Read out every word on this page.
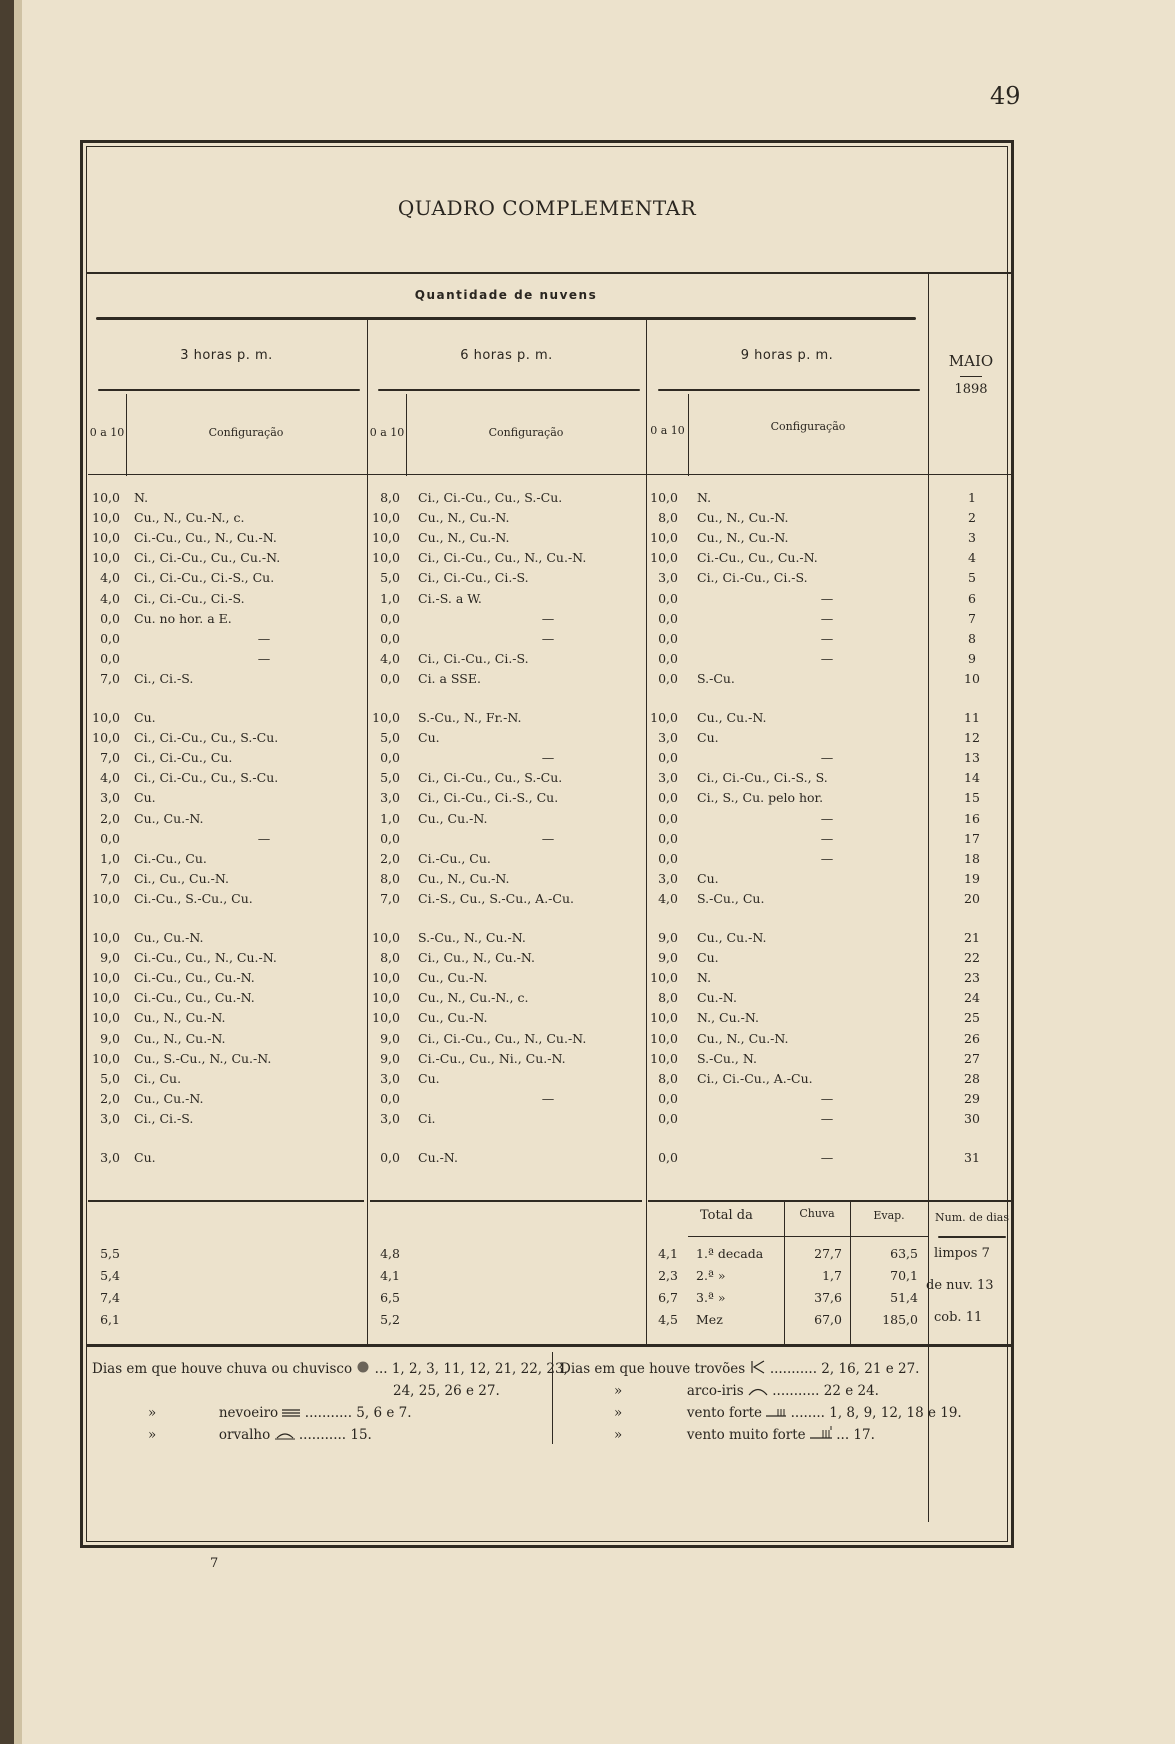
49
QUADRO COMPLEMENTAR
Quantidade de nuvens
3 horas p. m.	6 horas p. m.	9 horas p. m.	MAIO
1898
0 a 10	Configuração	0 a 10	Configuração	0 a 10	Configuração
10,0 N.	8,0 Ci., Ci.-Cu., Cu., S.-Cu.	10,0 N.	1
10,0 Cu., N., Cu.-N., c.	10,0 Cu., N., Cu.-N.	8,0 Cu., N., Cu.-N.	2
10,0 Ci.-Cu., Cu., N., Cu.-N.	10,0 Cu., N., Cu.-N.	10,0 Cu., N., Cu.-N.	3
10,0 Ci., Ci.-Cu., Cu., Cu.-N.	10,0 Ci., Ci.-Cu., Cu., N., Cu.-N.	10,0 Ci.-Cu., Cu., Cu.-N.	4
4,0 Ci., Ci.-Cu., Ci.-S., Cu.	5,0 Ci., Ci.-Cu., Ci.-S.	3,0 Ci., Ci.-Cu., Ci.-S.	5
4,0 Ci., Ci.-Cu., Ci.-S.	1,0 Ci.-S. a W.	0,0	—	6
0,0 Cu. no hor. a E.	0,0	—	0,0	—	7
0,0	—	0,0	—	0,0	—	8
0,0	—	4,0 Ci., Ci.-Cu., Ci.-S.	0,0	—	9
7,0 Ci., Ci.-S.	0,0 Ci. a SSE.	0,0 S.-Cu.	10
10,0 Cu.	10,0 S.-Cu., N., Fr.-N.	10,0 Cu., Cu.-N.	11
10,0 Ci., Ci.-Cu., Cu., S.-Cu.	5,0 Cu.	3,0 Cu.	12
7,0 Ci., Ci.-Cu., Cu.	0,0	—	0,0	—	13
4,0 Ci., Ci.-Cu., Cu., S.-Cu.	5,0 Ci., Ci.-Cu., Cu., S.-Cu.	3,0 Ci., Ci.-Cu., Ci.-S., S.	14
3,0 Cu.	3,0 Ci., Ci.-Cu., Ci.-S., Cu.	0,0 Ci., S., Cu. pelo hor.	15
2,0 Cu., Cu.-N.	1,0 Cu., Cu.-N.	0,0	—	16
0,0	—	0,0	—	0,0	—	17
1,0 Ci.-Cu., Cu.	2,0 Ci.-Cu., Cu.	0,0	—	18
7,0 Ci., Cu., Cu.-N.	8,0 Cu., N., Cu.-N.	3,0 Cu.	19
10,0 Ci.-Cu., S.-Cu., Cu.	7,0 Ci.-S., Cu., S.-Cu., A.-Cu.	4,0 S.-Cu., Cu.	20
10,0 Cu., Cu.-N.	10,0 S.-Cu., N., Cu.-N.	9,0 Cu., Cu.-N.	21
9,0 Ci.-Cu., Cu., N., Cu.-N.	8,0 Ci., Cu., N., Cu.-N.	9,0 Cu.	22
10,0 Ci.-Cu., Cu., Cu.-N.	10,0 Cu., Cu.-N.	10,0 N.	23
10,0 Ci.-Cu., Cu., Cu.-N.	10,0 Cu., N., Cu.-N., c.	8,0 Cu.-N.	24
10,0 Cu., N., Cu.-N.	10,0 Cu., Cu.-N.	10,0 N., Cu.-N.	25
9,0 Cu., N., Cu.-N.	9,0 Ci., Ci.-Cu., Cu., N., Cu.-N.	10,0 Cu., N., Cu.-N.	26
10,0 Cu., S.-Cu., N., Cu.-N.	9,0 Ci.-Cu., Cu., Ni., Cu.-N.	10,0 S.-Cu., N.	27
5,0 Ci., Cu.	3,0 Cu.	8,0 Ci., Ci.-Cu., A.-Cu.	28
2,0 Cu., Cu.-N.	0,0	—	0,0	—	29
3,0 Ci., Ci.-S.	3,0 Ci.	0,0	—	30
3,0 Cu.	0,0 Cu.-N.	0,0	—	31
Total da	Chuva	Evap.	Num. de dias
5,5	4,8	4,1 1.ª decada	27,7	63,5
5,4	4,1	2,3 2.ª »	1,7	70,1
7,4	6,5	6,7 3.ª »	37,6	51,4
6,1	5,2	4,5 Mez	67,0	185,0
limpos 7
de nuv. 13
cob. 11
Dias em que houve chuva ou chuvisco ... 1, 2, 3, 11, 12, 21, 22, 23,
24, 25, 26 e 27.
»	nevoeiro ........... 5, 6 e 7.
»	orvalho ........... 15.
Dias em que houve trovões ........... 2, 16, 21 e 27.
»	arco-iris ........... 22 e 24.
»	vento forte ........ 1, 8, 9, 12, 18 e 19.
»	vento muito forte ... 17.
7
